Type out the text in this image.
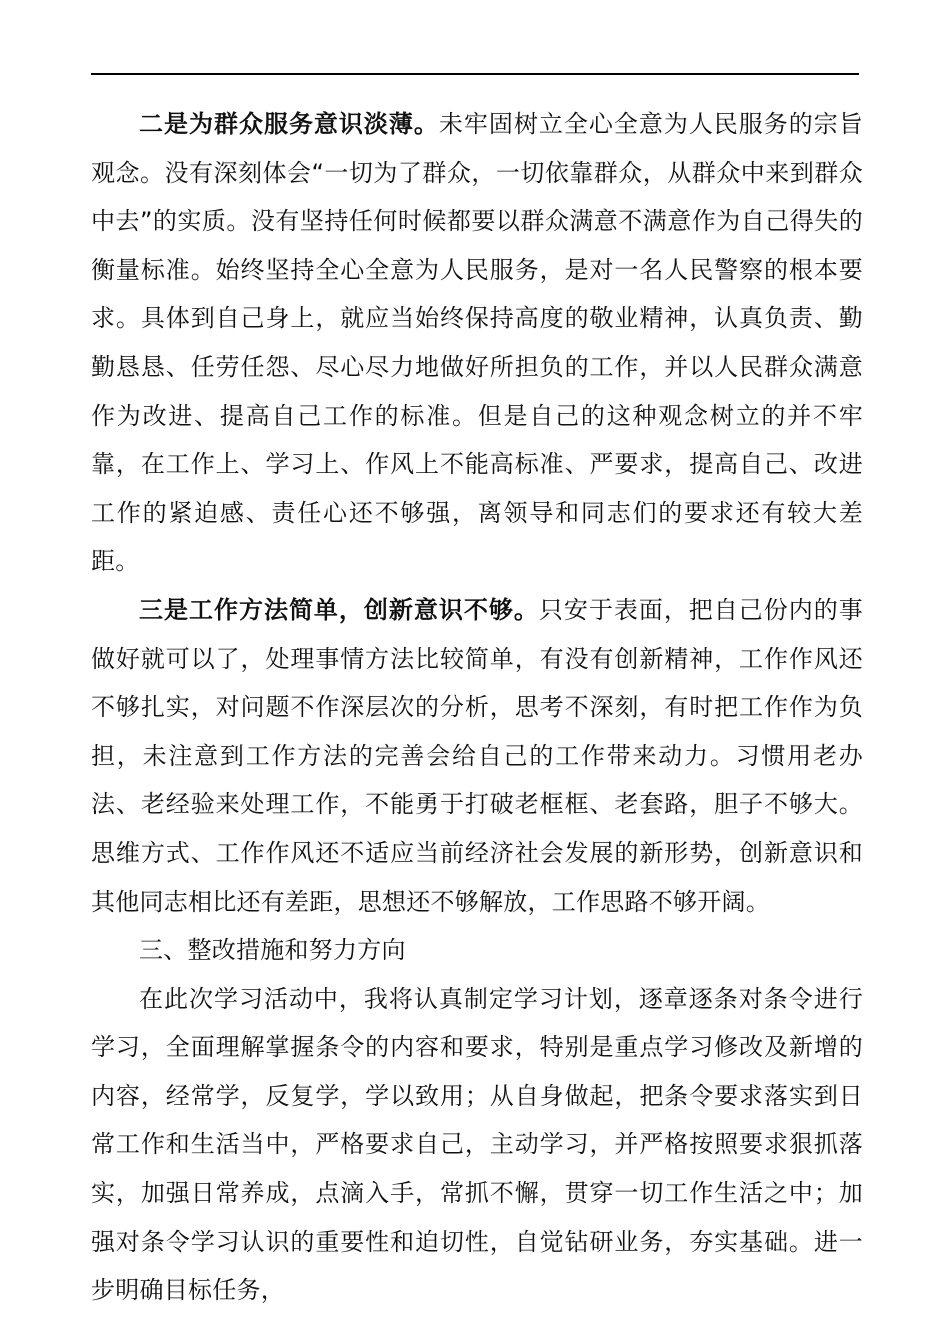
二是为群众服务意识淡薄。未牢固树立全心全意为人民服务的宗旨观念。没有深刻体会“一切为了群众，一切依靠群众，从群众中来到群众中去”的实质。没有坚持任何时候都要以群众满意不满意作为自己得失的衡量标准。始终坚持全心全意为人民服务，是对一名人民警察的根本要求。具体到自己身上，就应当始终保持高度的敬业精神，认真负责、勤勤恳恳、任劳任怨、尽心尽力地做好所担负的工作，并以人民群众满意作为改进、提高自己工作的标准。但是自己的这种观念树立的并不牢靠，在工作上、学习上、作风上不能高标准、严要求，提高自己、改进工作的紧迫感、责任心还不够强，离领导和同志们的要求还有较大差距。

三是工作方法简单，创新意识不够。只安于表面，把自己份内的事做好就可以了，处理事情方法比较简单，有没有创新精神，工作作风还不够扎实，对问题不作深层次的分析，思考不深刻，有时把工作作为负担，未注意到工作方法的完善会给自己的工作带来动力。习惯用老办法、老经验来处理工作，不能勇于打破老框框、老套路，胆子不够大。思维方式、工作作风还不适应当前经济社会发展的新形势，创新意识和其他同志相比还有差距，思想还不够解放，工作思路不够开阔。

三、整改措施和努力方向

在此次学习活动中，我将认真制定学习计划，逐章逐条对条令进行学习，全面理解掌握条令的内容和要求，特别是重点学习修改及新增的内容，经常学，反复学，学以致用；从自身做起，把条令要求落实到日常工作和生活当中，严格要求自己，主动学习，并严格按照要求狠抓落实，加强日常养成，点滴入手，常抓不懈，贯穿一切工作生活之中；加强对条令学习认识的重要性和迫切性，自觉钻研业务，夯实基础。进一步明确目标任务，
